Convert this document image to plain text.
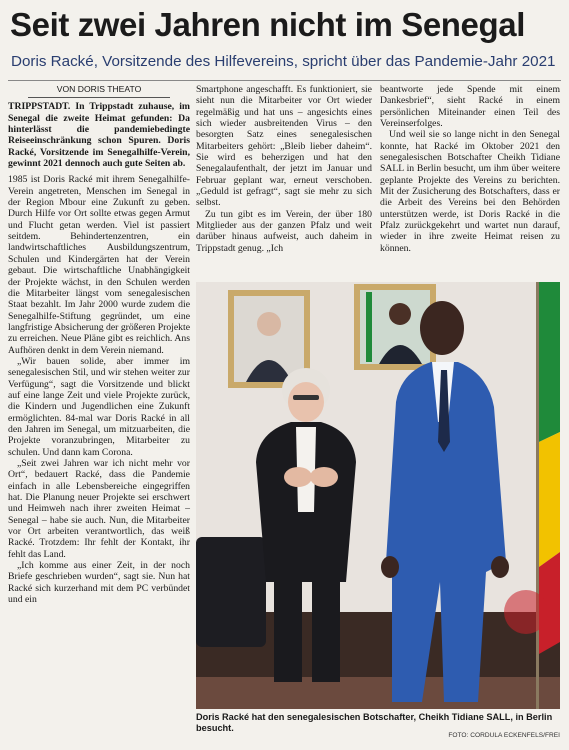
Seit zwei Jahren nicht im Senegal
Doris Racké, Vorsitzende des Hilfevereins, spricht über das Pandemie-Jahr 2021
VON DORIS THEATO

TRIPPSTADT. In Trippstadt zuhause, im Senegal die zweite Heimat gefunden: Da hinterlässt die pandemiebedingte Reiseeinschränkung schon Spuren. Doris Racké, Vorsitzende im Senegalhilfe-Verein, gewinnt 2021 dennoch auch gute Seiten ab.

1985 ist Doris Racké mit ihrem Senegalhilfe-Verein angetreten, Menschen im Senegal in der Region Mbour eine Zukunft zu geben. Durch Hilfe vor Ort sollte etwas gegen Armut und Flucht getan werden. Viel ist passiert seitdem. Behindertenzentren, ein landwirtschaftliches Ausbildungszentrum, Schulen und Kindergärten hat der Verein gebaut. Die wirtschaftliche Unabhängigkeit der Projekte wächst, in den Schulen werden die Mitarbeiter längst vom senegalesischen Staat bezahlt. Im Jahr 2000 wurde zudem die Senegalhilfe-Stiftung gegründet, um eine langfristige Absicherung der größeren Projekte zu erreichen. Neue Pläne gibt es reichlich. Ans Aufhören denkt in dem Verein niemand.

„Wir bauen solide, aber immer im senegalesischen Stil, und wir stehen weiter zur Verfügung“, sagt die Vorsitzende und blickt auf eine lange Zeit und viele Projekte zurück, die Kindern und Jugendlichen eine Zukunft ermöglichten. 84-mal war Doris Racké in all den Jahren im Senegal, um mitzuarbeiten, die Projekte voranzubringen, Mitarbeiter zu schulen. Und dann kam Corona.

„Seit zwei Jahren war ich nicht mehr vor Ort“, bedauert Racké, dass die Pandemie einfach in alle Lebensbereiche eingegriffen hat. Die Planung neuer Projekte sei erschwert und Heimweh nach ihrer zweiten Heimat – Senegal – habe sie auch. Nun, die Mitarbeiter vor Ort arbeiten verantwortlich, das weiß Racké. Trotzdem: Ihr fehlt der Kontakt, ihr fehlt das Land.

„Ich komme aus einer Zeit, in der noch Briefe geschrieben wurden“, sagt sie. Nun hat Racké sich kurzerhand mit dem PC verbündet und ein

Smartphone angeschafft. Es funktioniert, sie sieht nun die Mitarbeiter vor Ort wieder regelmäßig und hat uns – angesichts eines sich wieder ausbreitenden Virus – den besorgten Satz eines senegalesischen Mitarbeiters gehört: „Bleib lieber daheim“. Sie wird es beherzigen und hat den Senegalaufenthalt, der jetzt im Januar und Februar geplant war, erneut verschoben. „Geduld ist gefragt“, sagt sie mehr zu sich selbst.

Zu tun gibt es im Verein, der über 180 Mitglieder aus der ganzen Pfalz und weit darüber hinaus aufweist, auch daheim in Trippstadt genug. „Ich

beantworte jede Spende mit einem Dankesbrief“, sieht Racké in einem persönlichen Miteinander einen Teil des Vereinserfolges.

Und weil sie so lange nicht in den Senegal konnte, hat Racké im Oktober 2021 den senegalesischen Botschafter Cheikh Tidiane SALL in Berlin besucht, um ihm über weitere geplante Projekte des Vereins zu berichten. Mit der Zusicherung des Botschafters, dass er die Arbeit des Vereins bei den Behörden unterstützen werde, ist Doris Racké in die Pfalz zurückgekehrt und wartet nun darauf, wieder in ihre zweite Heimat reisen zu können.

Doris Racké hat den senegalesischen Botschafter, Cheikh Tidiane SALL, in Berlin besucht.
FOTO: CORDULA ECKENFELS/FREI
